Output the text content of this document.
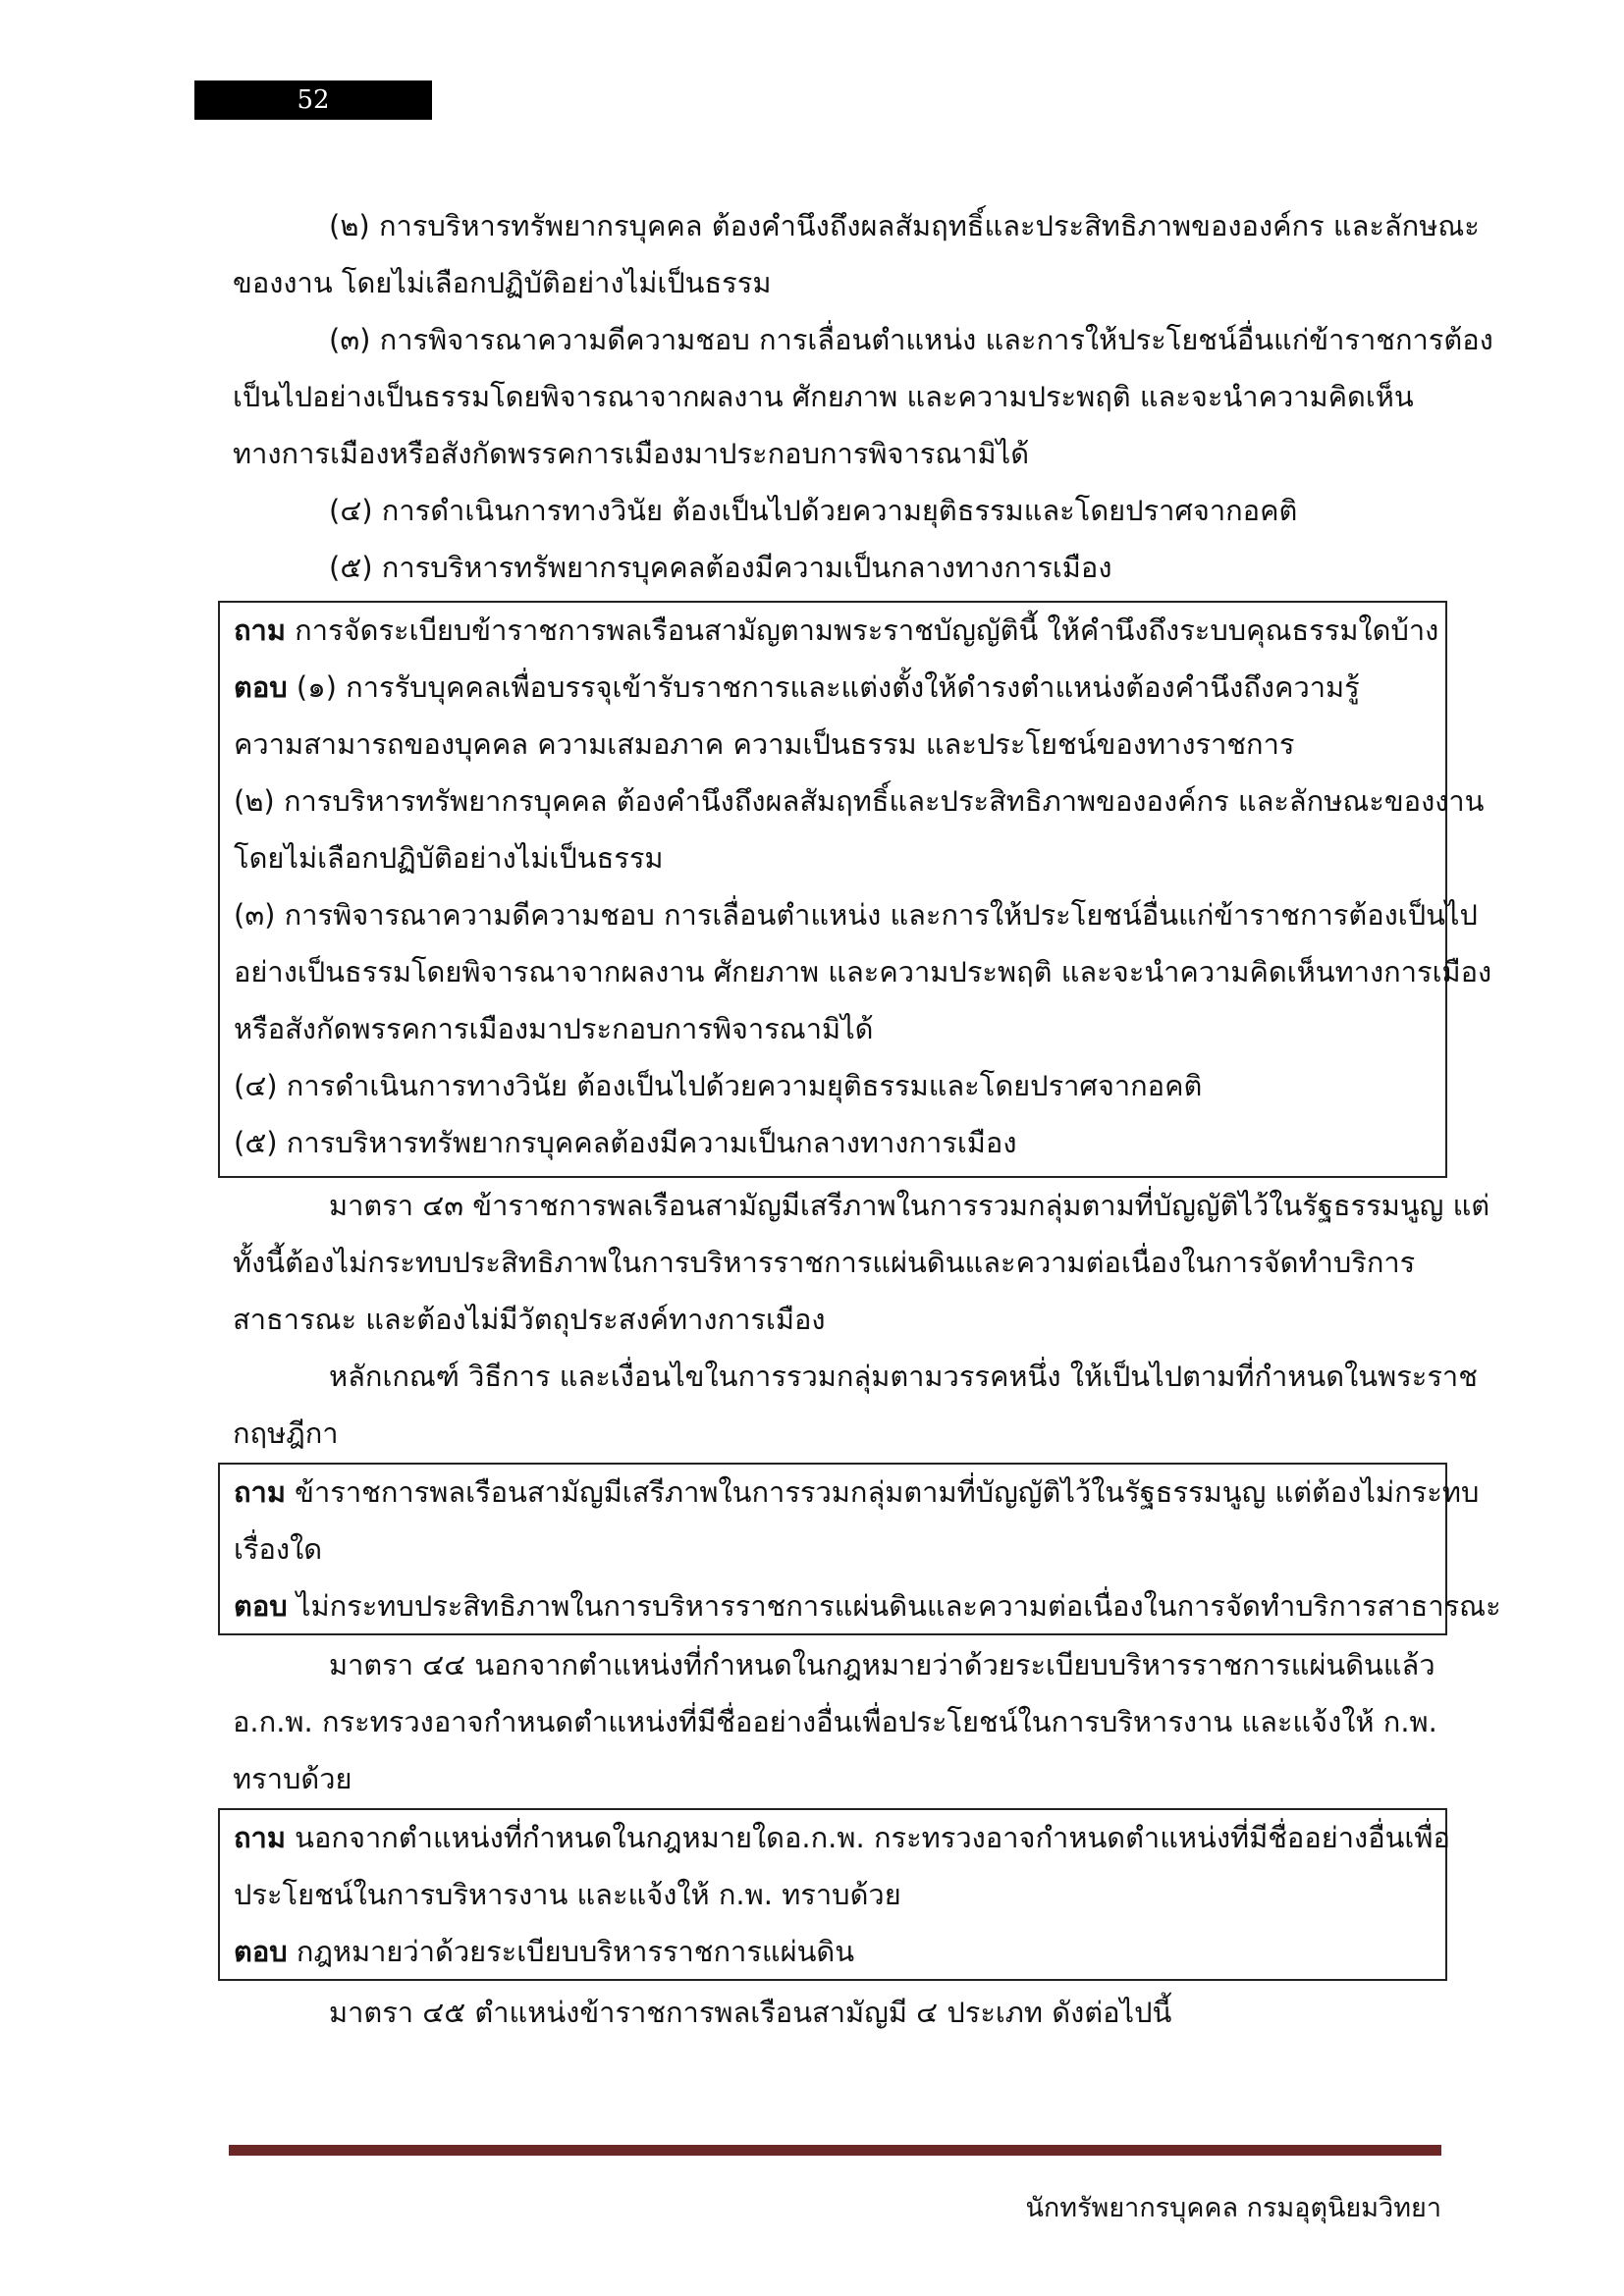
52
(๒) การบริหารทรัพยากรบุคคล ต้องคำนึงถึงผลสัมฤทธิ์และประสิทธิภาพขององค์กร และลักษณะ
ของงาน โดยไม่เลือกปฏิบัติอย่างไม่เป็นธรรม
(๓) การพิจารณาความดีความชอบ การเลื่อนตำแหน่ง และการให้ประโยชน์อื่นแก่ข้าราชการต้อง
เป็นไปอย่างเป็นธรรมโดยพิจารณาจากผลงาน ศักยภาพ และความประพฤติ และจะนำความคิดเห็น
ทางการเมืองหรือสังกัดพรรคการเมืองมาประกอบการพิจารณามิได้
(๔) การดำเนินการทางวินัย ต้องเป็นไปด้วยความยุติธรรมและโดยปราศจากอคติ
(๕) การบริหารทรัพยากรบุคคลต้องมีความเป็นกลางทางการเมือง
ถาม การจัดระเบียบข้าราชการพลเรือนสามัญตามพระราชบัญญัตินี้ ให้คำนึงถึงระบบคุณธรรมใดบ้าง
ตอบ (๑) การรับบุคคลเพื่อบรรจุเข้ารับราชการและแต่งตั้งให้ดำรงตำแหน่งต้องคำนึงถึงความรู้
ความสามารถของบุคคล ความเสมอภาค ความเป็นธรรม และประโยชน์ของทางราชการ
(๒) การบริหารทรัพยากรบุคคล ต้องคำนึงถึงผลสัมฤทธิ์และประสิทธิภาพขององค์กร และลักษณะของงาน
โดยไม่เลือกปฏิบัติอย่างไม่เป็นธรรม
(๓) การพิจารณาความดีความชอบ การเลื่อนตำแหน่ง และการให้ประโยชน์อื่นแก่ข้าราชการต้องเป็นไป
อย่างเป็นธรรมโดยพิจารณาจากผลงาน ศักยภาพ และความประพฤติ และจะนำความคิดเห็นทางการเมือง
หรือสังกัดพรรคการเมืองมาประกอบการพิจารณามิได้
(๔) การดำเนินการทางวินัย ต้องเป็นไปด้วยความยุติธรรมและโดยปราศจากอคติ
(๕) การบริหารทรัพยากรบุคคลต้องมีความเป็นกลางทางการเมือง
มาตรา ๔๓ ข้าราชการพลเรือนสามัญมีเสรีภาพในการรวมกลุ่มตามที่บัญญัติไว้ในรัฐธรรมนูญ แต่
ทั้งนี้ต้องไม่กระทบประสิทธิภาพในการบริหารราชการแผ่นดินและความต่อเนื่องในการจัดทำบริการ
สาธารณะ และต้องไม่มีวัตถุประสงค์ทางการเมือง
หลักเกณฑ์ วิธีการ และเงื่อนไขในการรวมกลุ่มตามวรรคหนึ่ง ให้เป็นไปตามที่กำหนดในพระราช
กฤษฎีกา
ถาม ข้าราชการพลเรือนสามัญมีเสรีภาพในการรวมกลุ่มตามที่บัญญัติไว้ในรัฐธรรมนูญ แต่ต้องไม่กระทบ
เรื่องใด
ตอบ ไม่กระทบประสิทธิภาพในการบริหารราชการแผ่นดินและความต่อเนื่องในการจัดทำบริการสาธารณะ
มาตรา ๔๔ นอกจากตำแหน่งที่กำหนดในกฎหมายว่าด้วยระเบียบบริหารราชการแผ่นดินแล้ว
อ.ก.พ. กระทรวงอาจกำหนดตำแหน่งที่มีชื่ออย่างอื่นเพื่อประโยชน์ในการบริหารงาน และแจ้งให้ ก.พ.
ทราบด้วย
ถาม นอกจากตำแหน่งที่กำหนดในกฎหมายใดอ.ก.พ. กระทรวงอาจกำหนดตำแหน่งที่มีชื่ออย่างอื่นเพื่อ
ประโยชน์ในการบริหารงาน และแจ้งให้ ก.พ. ทราบด้วย
ตอบ กฎหมายว่าด้วยระเบียบบริหารราชการแผ่นดิน
มาตรา ๔๕ ตำแหน่งข้าราชการพลเรือนสามัญมี ๔ ประเภท ดังต่อไปนี้
นักทรัพยากรบุคคล กรมอุตุนิยมวิทยา
